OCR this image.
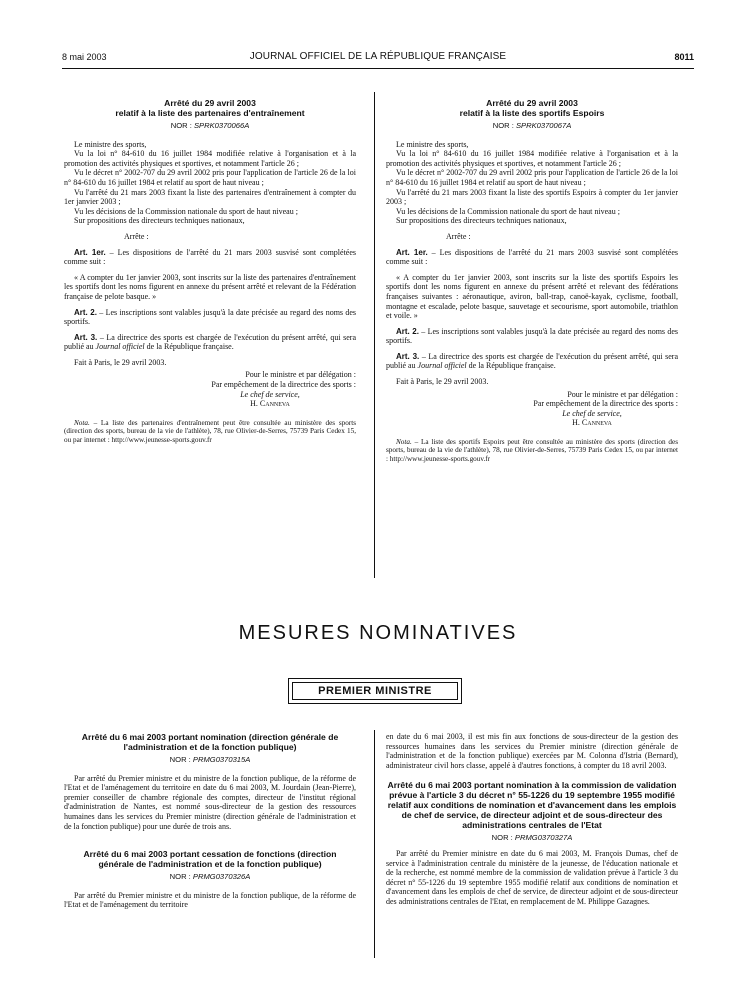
8 mai 2003	JOURNAL OFFICIEL DE LA RÉPUBLIQUE FRANÇAISE	8011
Arrêté du 29 avril 2003
relatif à la liste des partenaires d'entraînement
NOR : SPRK0370066A
Le ministre des sports,
Vu la loi n° 84-610 du 16 juillet 1984 modifiée relative à l'organisation et à la promotion des activités physiques et sportives, et notamment l'article 26 ;
Vu le décret n° 2002-707 du 29 avril 2002 pris pour l'application de l'article 26 de la loi n° 84-610 du 16 juillet 1984 et relatif au sport de haut niveau ;
Vu l'arrêté du 21 mars 2003 fixant la liste des partenaires d'entraînement à compter du 1er janvier 2003 ;
Vu les décisions de la Commission nationale du sport de haut niveau ;
Sur propositions des directeurs techniques nationaux,
Arrête :
Art. 1er. – Les dispositions de l'arrêté du 21 mars 2003 susvisé sont complétées comme suit :
« A compter du 1er janvier 2003, sont inscrits sur la liste des partenaires d'entraînement les sportifs dont les noms figurent en annexe du présent arrêté et relevant de la Fédération française de pelote basque. »
Art. 2. – Les inscriptions sont valables jusqu'à la date précisée au regard des noms des sportifs.
Art. 3. – La directrice des sports est chargée de l'exécution du présent arrêté, qui sera publié au Journal officiel de la République française.
Fait à Paris, le 29 avril 2003.
Pour le ministre et par délégation :
Par empêchement de la directrice des sports :
Le chef de service,
H. Canneva
Nota. – La liste des partenaires d'entraînement peut être consultée au ministère des sports (direction des sports, bureau de la vie de l'athlète), 78, rue Olivier-de-Serres, 75739 Paris Cedex 15, ou par internet : http://www.jeunesse-sports.gouv.fr
Arrêté du 29 avril 2003
relatif à la liste des sportifs Espoirs
NOR : SPRK0370067A
Le ministre des sports,
Vu la loi n° 84-610 du 16 juillet 1984 modifiée relative à l'organisation et à la promotion des activités physiques et sportives, et notamment l'article 26 ;
Vu le décret n° 2002-707 du 29 avril 2002 pris pour l'application de l'article 26 de la loi n° 84-610 du 16 juillet 1984 et relatif au sport de haut niveau ;
Vu l'arrêté du 21 mars 2003 fixant la liste des sportifs Espoirs à compter du 1er janvier 2003 ;
Vu les décisions de la Commission nationale du sport de haut niveau ;
Sur propositions des directeurs techniques nationaux,
Arrête :
Art. 1er. – Les dispositions de l'arrêté du 21 mars 2003 susvisé sont complétées comme suit :
« A compter du 1er janvier 2003, sont inscrits sur la liste des sportifs Espoirs les sportifs dont les noms figurent en annexe du présent arrêté et relevant des fédérations françaises suivantes : aéronautique, aviron, ball-trap, canoë-kayak, cyclisme, football, montagne et escalade, pelote basque, sauvetage et secourisme, sport automobile, triathlon et voile. »
Art. 2. – Les inscriptions sont valables jusqu'à la date précisée au regard des noms des sportifs.
Art. 3. – La directrice des sports est chargée de l'exécution du présent arrêté, qui sera publié au Journal officiel de la République française.
Fait à Paris, le 29 avril 2003.
Pour le ministre et par délégation :
Par empêchement de la directrice des sports :
Le chef de service,
H. Canneva
Nota. – La liste des sportifs Espoirs peut être consultée au ministère des sports (direction des sports, bureau de la vie de l'athlète), 78, rue Olivier-de-Serres, 75739 Paris Cedex 15, ou par internet : http://www.jeunesse-sports.gouv.fr
MESURES NOMINATIVES
PREMIER MINISTRE
Arrêté du 6 mai 2003 portant nomination (direction générale de l'administration et de la fonction publique)
NOR : PRMG0370315A
Par arrêté du Premier ministre et du ministre de la fonction publique, de la réforme de l'Etat et de l'aménagement du territoire en date du 6 mai 2003, M. Jourdain (Jean-Pierre), premier conseiller de chambre régionale des comptes, directeur de l'institut régional d'administration de Nantes, est nommé sous-directeur de la gestion des ressources humaines dans les services du Premier ministre (direction générale de l'administration et de la fonction publique) pour une durée de trois ans.
Arrêté du 6 mai 2003 portant cessation de fonctions (direction générale de l'administration et de la fonction publique)
NOR : PRMG0370326A
Par arrêté du Premier ministre et du ministre de la fonction publique, de la réforme de l'Etat et de l'aménagement du territoire
en date du 6 mai 2003, il est mis fin aux fonctions de sous-directeur de la gestion des ressources humaines dans les services du Premier ministre (direction générale de l'administration et de la fonction publique) exercées par M. Colonna d'Istria (Bernard), administrateur civil hors classe, appelé à d'autres fonctions, à compter du 18 avril 2003.
Arrêté du 6 mai 2003 portant nomination à la commission de validation prévue à l'article 3 du décret n° 55-1226 du 19 septembre 1955 modifié relatif aux conditions de nomination et d'avancement dans les emplois de chef de service, de directeur adjoint et de sous-directeur des administrations centrales de l'Etat
NOR : PRMG0370327A
Par arrêté du Premier ministre en date du 6 mai 2003, M. François Dumas, chef de service à l'administration centrale du ministère de la jeunesse, de l'éducation nationale et de la recherche, est nommé membre de la commission de validation prévue à l'article 3 du décret n° 55-1226 du 19 septembre 1955 modifié relatif aux conditions de nomination et d'avancement dans les emplois de chef de service, de directeur adjoint et de sous-directeur des administrations centrales de l'Etat, en remplacement de M. Philippe Gazagnes.
